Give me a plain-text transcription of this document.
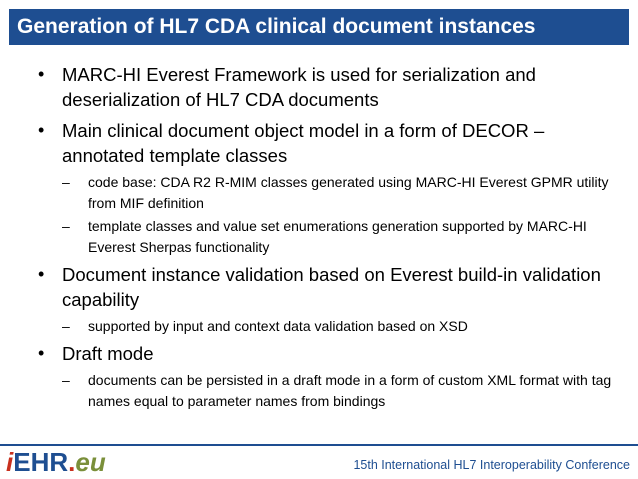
Generation of HL7 CDA clinical document instances
• MARC-HI Everest Framework is used for serialization and deserialization of HL7 CDA documents
• Main clinical document object model in a form of DECOR – annotated template classes
– code base: CDA R2 R-MIM classes generated using MARC-HI Everest GPMR utility from MIF definition
– template classes and value set enumerations generation supported by MARC-HI Everest Sherpas functionality
• Document instance validation based on Everest build-in validation capability
– supported by input and context data validation based on XSD
• Draft mode
– documents can be persisted in a draft mode in a form of custom XML format with tag names equal to parameter names from bindings
iEHR.eu	15th International HL7 Interoperability Conference
